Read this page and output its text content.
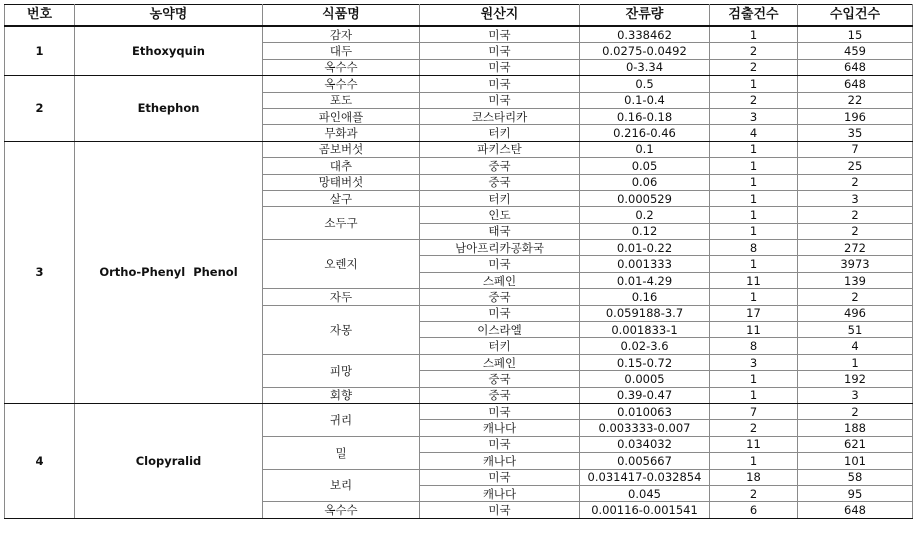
번호	농약명	식품명	원산지	잔류량	검출건수	수입건수
1	Ethoxyquin	감자	미국	0.338462	1	15
		대두	미국	0.0275-0.0492	2	459
		옥수수	미국	0-3.34	2	648
2	Ethephon	옥수수	미국	0.5	1	648
		포도	미국	0.1-0.4	2	22
		파인애플	코스타리카	0.16-0.18	3	196
		무화과	터키	0.216-0.46	4	35
3	Ortho-Phenyl  Phenol	곰보버섯	파키스탄	0.1	1	7
		대추	중국	0.05	1	25
		망태버섯	중국	0.06	1	2
		살구	터키	0.000529	1	3
		소두구	인도	0.2	1	2
			태국	0.12	1	2
		오렌지	남아프리카공화국	0.01-0.22	8	272
			미국	0.001333	1	3973
			스페인	0.01-4.29	11	139
		자두	중국	0.16	1	2
		자몽	미국	0.059188-3.7	17	496
			이스라엘	0.001833-1	11	51
			터키	0.02-3.6	8	4
		피망	스페인	0.15-0.72	3	1
			중국	0.0005	1	192
		회향	중국	0.39-0.47	1	3
4	Clopyralid	귀리	미국	0.010063	7	2
			캐나다	0.003333-0.007	2	188
		밀	미국	0.034032	11	621
			캐나다	0.005667	1	101
		보리	미국	0.031417-0.032854	18	58
			캐나다	0.045	2	95
		옥수수	미국	0.00116-0.001541	6	648
